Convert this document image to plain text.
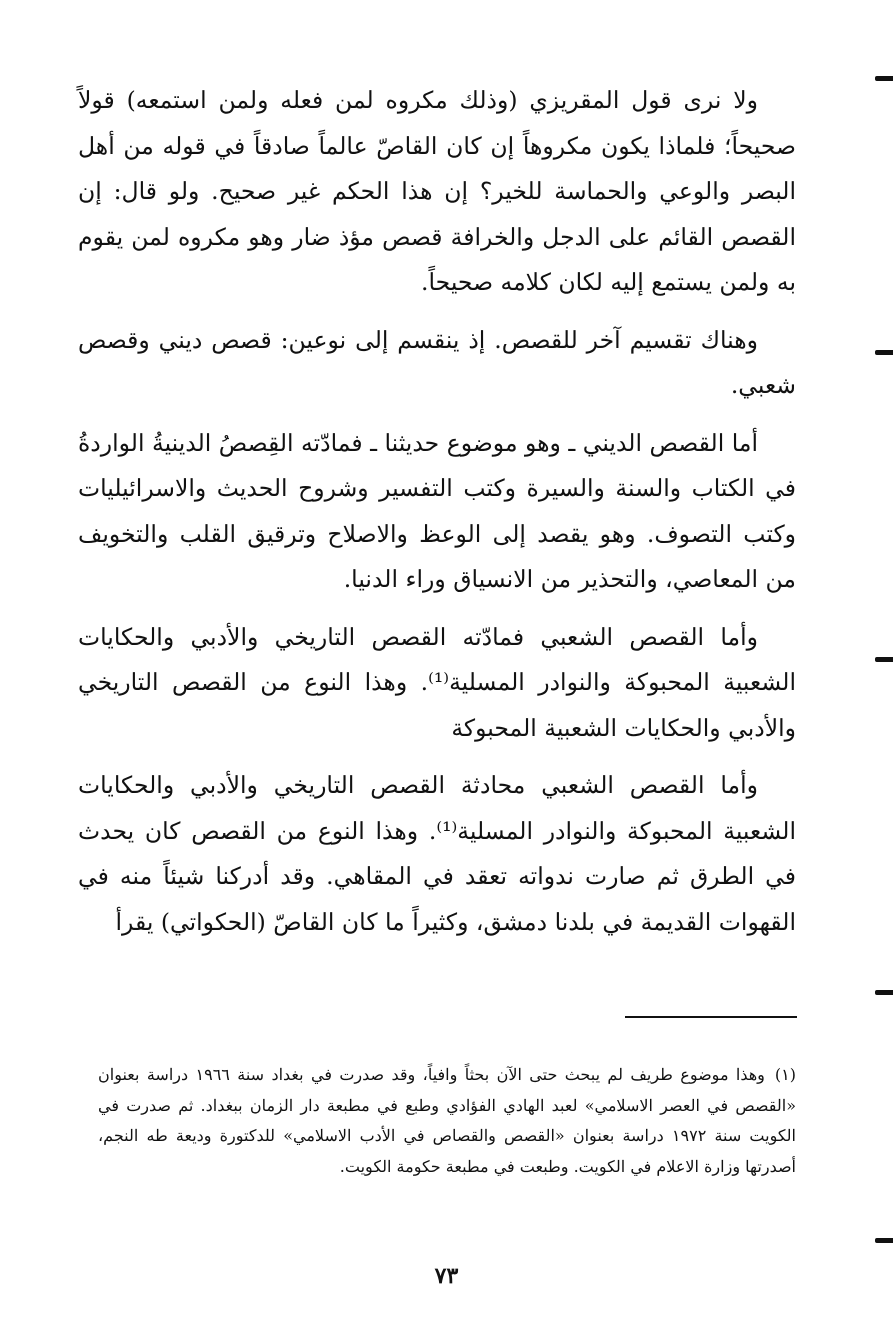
ولا نرى قول المقريزي (وذلك مكروه لمن فعله ولمن استمعه) قولاً صحيحاً؛ فلماذا يكون مكروهاً إن كان القاصّ عالماً صادقاً في قوله من أهل البصر والوعي والحماسة للخير؟ إن هذا الحكم غير صحيح. ولو قال: إن القصص القائم على الدجل والخرافة قصص مؤذ ضار وهو مكروه لمن يقوم به ولمن يستمع إليه لكان كلامه صحيحاً.

وهناك تقسيم آخر للقصص. إذ ينقسم إلى نوعين: قصص ديني وقصص شعبي.

أما القصص الديني ـ وهو موضوع حديثنا ـ فمادّته القِصصُ الدينيةُ الواردةُ في الكتاب والسنة والسيرة وكتب التفسير وشروح الحديث والاسرائيليات وكتب التصوف. وهو يقصد إلى الوعظ والاصلاح وترقيق القلب والتخويف من المعاصي، والتحذير من الانسياق وراء الدنيا.

وأما القصص الشعبي فمادّته القصص التاريخي والأدبي والحكايات الشعبية المحبوكة والنوادر المسلية⁽¹⁾. وهذا النوع من القصص التاريخي والأدبي والحكايات الشعبية المحبوكة

وأما القصص الشعبي محادثة القصص التاريخي والأدبي والحكايات الشعبية المحبوكة والنوادر المسلية⁽¹⁾. وهذا النوع من القصص كان يحدث في الطرق ثم صارت ندواته تعقد في المقاهي. وقد أدركنا شيئاً منه في القهوات القديمة في بلدنا دمشق، وكثيراً ما كان القاصّ (الحكواتي) يقرأ

(١)وهذا موضوع طريف لم يبحث حتى الآن بحثاً وافياً، وقد صدرت في بغداد سنة ١٩٦٦ دراسة بعنوان «القصص في العصر الاسلامي» لعبد الهادي الفؤادي وطبع في مطبعة دار الزمان ببغداد. ثم صدرت في الكويت سنة ١٩٧٢ دراسة بعنوان «القصص والقصاص في الأدب الاسلامي» للدكتورة وديعة طه النجم، أصدرتها وزارة الاعلام في الكويت. وطبعت في مطبعة حكومة الكويت.

٧٣
